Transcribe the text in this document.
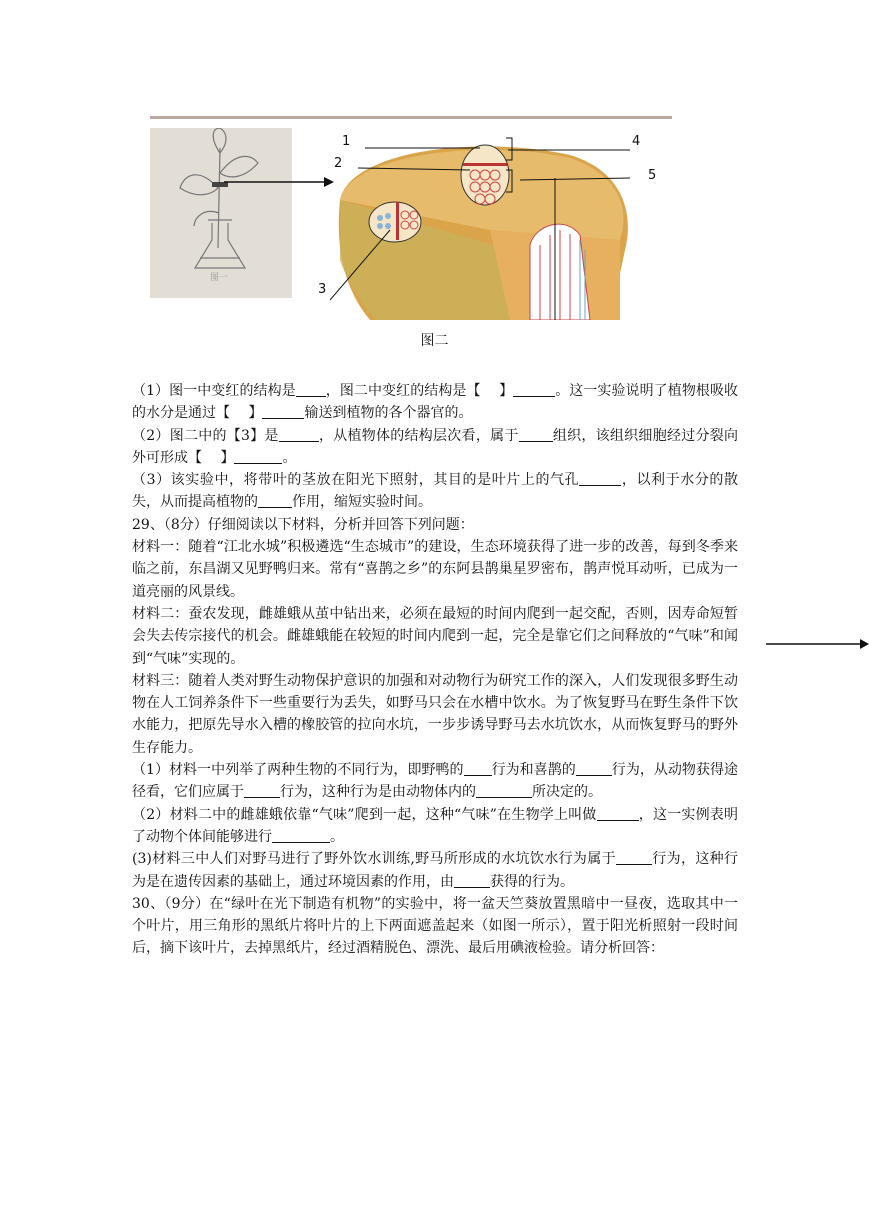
图一
1
2
3
4
5
图二

（1）图一中变红的结构是 ，图二中变红的结构是【  】	。这一实验说明了植物根吸收的水分是通过【  】	输送到植物的各个器官的。

（2）图二中的【3】是	，从植物体的结构层次看，属于 组织，该组织细胞经过分裂向外可形成【  】	。

（3）该实验中，将带叶的茎放在阳光下照射，其目的是叶片上的气孔	，以利于水分的散失，从而提高植物的 作用，缩短实验时间。

29、（8分）仔细阅读以下材料，分析并回答下列问题：

材料一：随着“江北水城”积极遴选“生态城市”的建设，生态环境获得了进一步的改善，每到冬季来临之前，东昌湖又见野鸭归来。常有“喜鹊之乡”的东阿县鹊巢星罗密布，鹊声悦耳动听，已成为一道亮丽的风景线。

材料二：蚕农发现，雌雄蛾从茧中钻出来，必须在最短的时间内爬到一起交配，否则，因寿命短暂会失去传宗接代的机会。雌雄蛾能在较短的时间内爬到一起，完全是靠它们之间释放的“气味”和闻到“气味”实现的。

材料三：随着人类对野生动物保护意识的加强和对动物行为研究工作的深入，人们发现很多野生动物在人工饲养条件下一些重要行为丢失，如野马只会在水槽中饮水。为了恢复野马在野生条件下饮水能力，把原先导水入槽的橡胶管的拉向水坑，一步步诱导野马去水坑饮水，从而恢复野马的野外生存能力。

（1）材料一中列举了两种生物的不同行为，即野鸭的 行为和喜鹊的	行为，从动物获得途径看，它们应属于	行为，这种行为是由动物体内的	所决定的。

（2）材料二中的雌雄蛾依靠“气味”爬到一起，这种“气味”在生物学上叫做	，这一实例表明了动物个体间能够进行	。

(3)材料三中人们对野马进行了野外饮水训练,野马所形成的水坑饮水行为属于	行为，这种行为是在遗传因素的基础上，通过环境因素的作用，由	获得的行为。

30、（9分）在“绿叶在光下制造有机物”的实验中，将一盆天竺葵放置黑暗中一昼夜，选取其中一个叶片，用三角形的黑纸片将叶片的上下两面遮盖起来（如图一所示），置于阳光析照射一段时间后，摘下该叶片，去掉黑纸片，经过酒精脱色、漂洗、最后用碘液检验。请分析回答：
